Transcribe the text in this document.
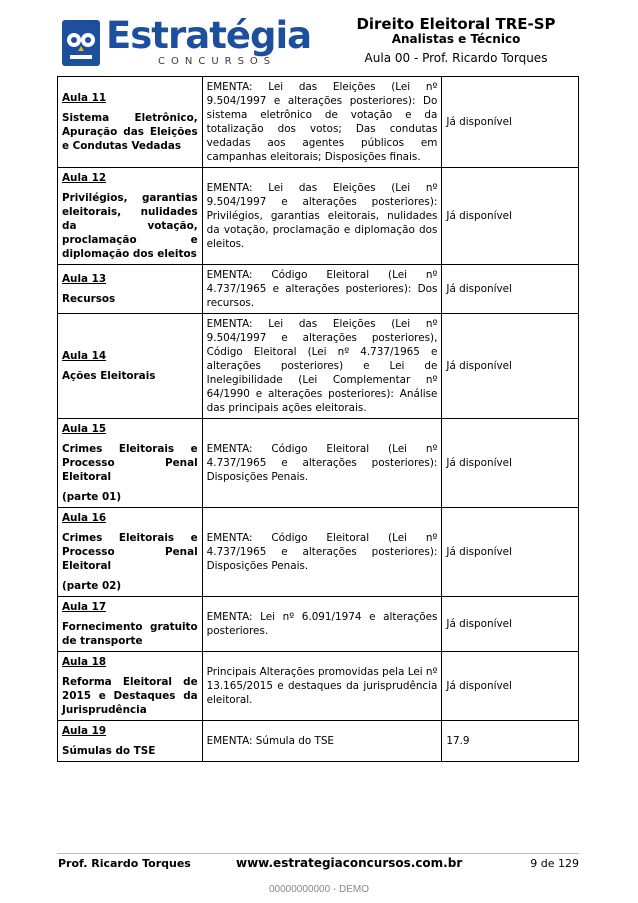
Estratégia
CONCURSOS
Direito Eleitoral TRE-SP
Analistas e Técnico
Aula 00 - Prof. Ricardo Torques
Aula 11
Sistema Eletrônico, Apuração das Eleições e Condutas Vedadas	EMENTA: Lei das Eleições (Lei nº 9.504/1997 e alterações posteriores): Do sistema eletrônico de votação e da totalização dos votos; Das condutas vedadas aos agentes públicos em campanhas eleitorais; Disposições finais.	Já disponível

Aula 12
Privilégios, garantias eleitorais, nulidades da votação, proclamação e diplomação dos eleitos	EMENTA: Lei das Eleições (Lei nº 9.504/1997 e alterações posteriores): Privilégios, garantias eleitorais, nulidades da votação, proclamação e diplomação dos eleitos.	Já disponível

Aula 13
Recursos	EMENTA: Código Eleitoral (Lei nº 4.737/1965 e alterações posteriores): Dos recursos.	Já disponível

Aula 14
Ações Eleitorais	EMENTA: Lei das Eleições (Lei nº 9.504/1997 e alterações posteriores), Código Eleitoral (Lei nº 4.737/1965 e alterações posteriores) e Lei de Inelegibilidade (Lei Complementar nº 64/1990 e alterações posteriores): Análise das principais ações eleitorais.	Já disponível

Aula 15
Crimes Eleitorais e Processo Penal Eleitoral
(parte 01)	EMENTA: Código Eleitoral (Lei nº 4.737/1965 e alterações posteriores): Disposições Penais.	Já disponível

Aula 16
Crimes Eleitorais e Processo Penal Eleitoral
(parte 02)	EMENTA: Código Eleitoral (Lei nº 4.737/1965 e alterações posteriores): Disposições Penais.	Já disponível

Aula 17
Fornecimento gratuito de transporte	EMENTA: Lei nº 6.091/1974 e alterações posteriores.	Já disponível

Aula 18
Reforma Eleitoral de 2015 e Destaques da Jurisprudência	Principais Alterações promovidas pela Lei nº 13.165/2015 e destaques da jurisprudência eleitoral.	Já disponível

Aula 19
Súmulas do TSE	EMENTA: Súmula do TSE	17.9
Prof. Ricardo Torques	www.estrategiaconcursos.com.br	9 de 129
00000000000 - DEMO
